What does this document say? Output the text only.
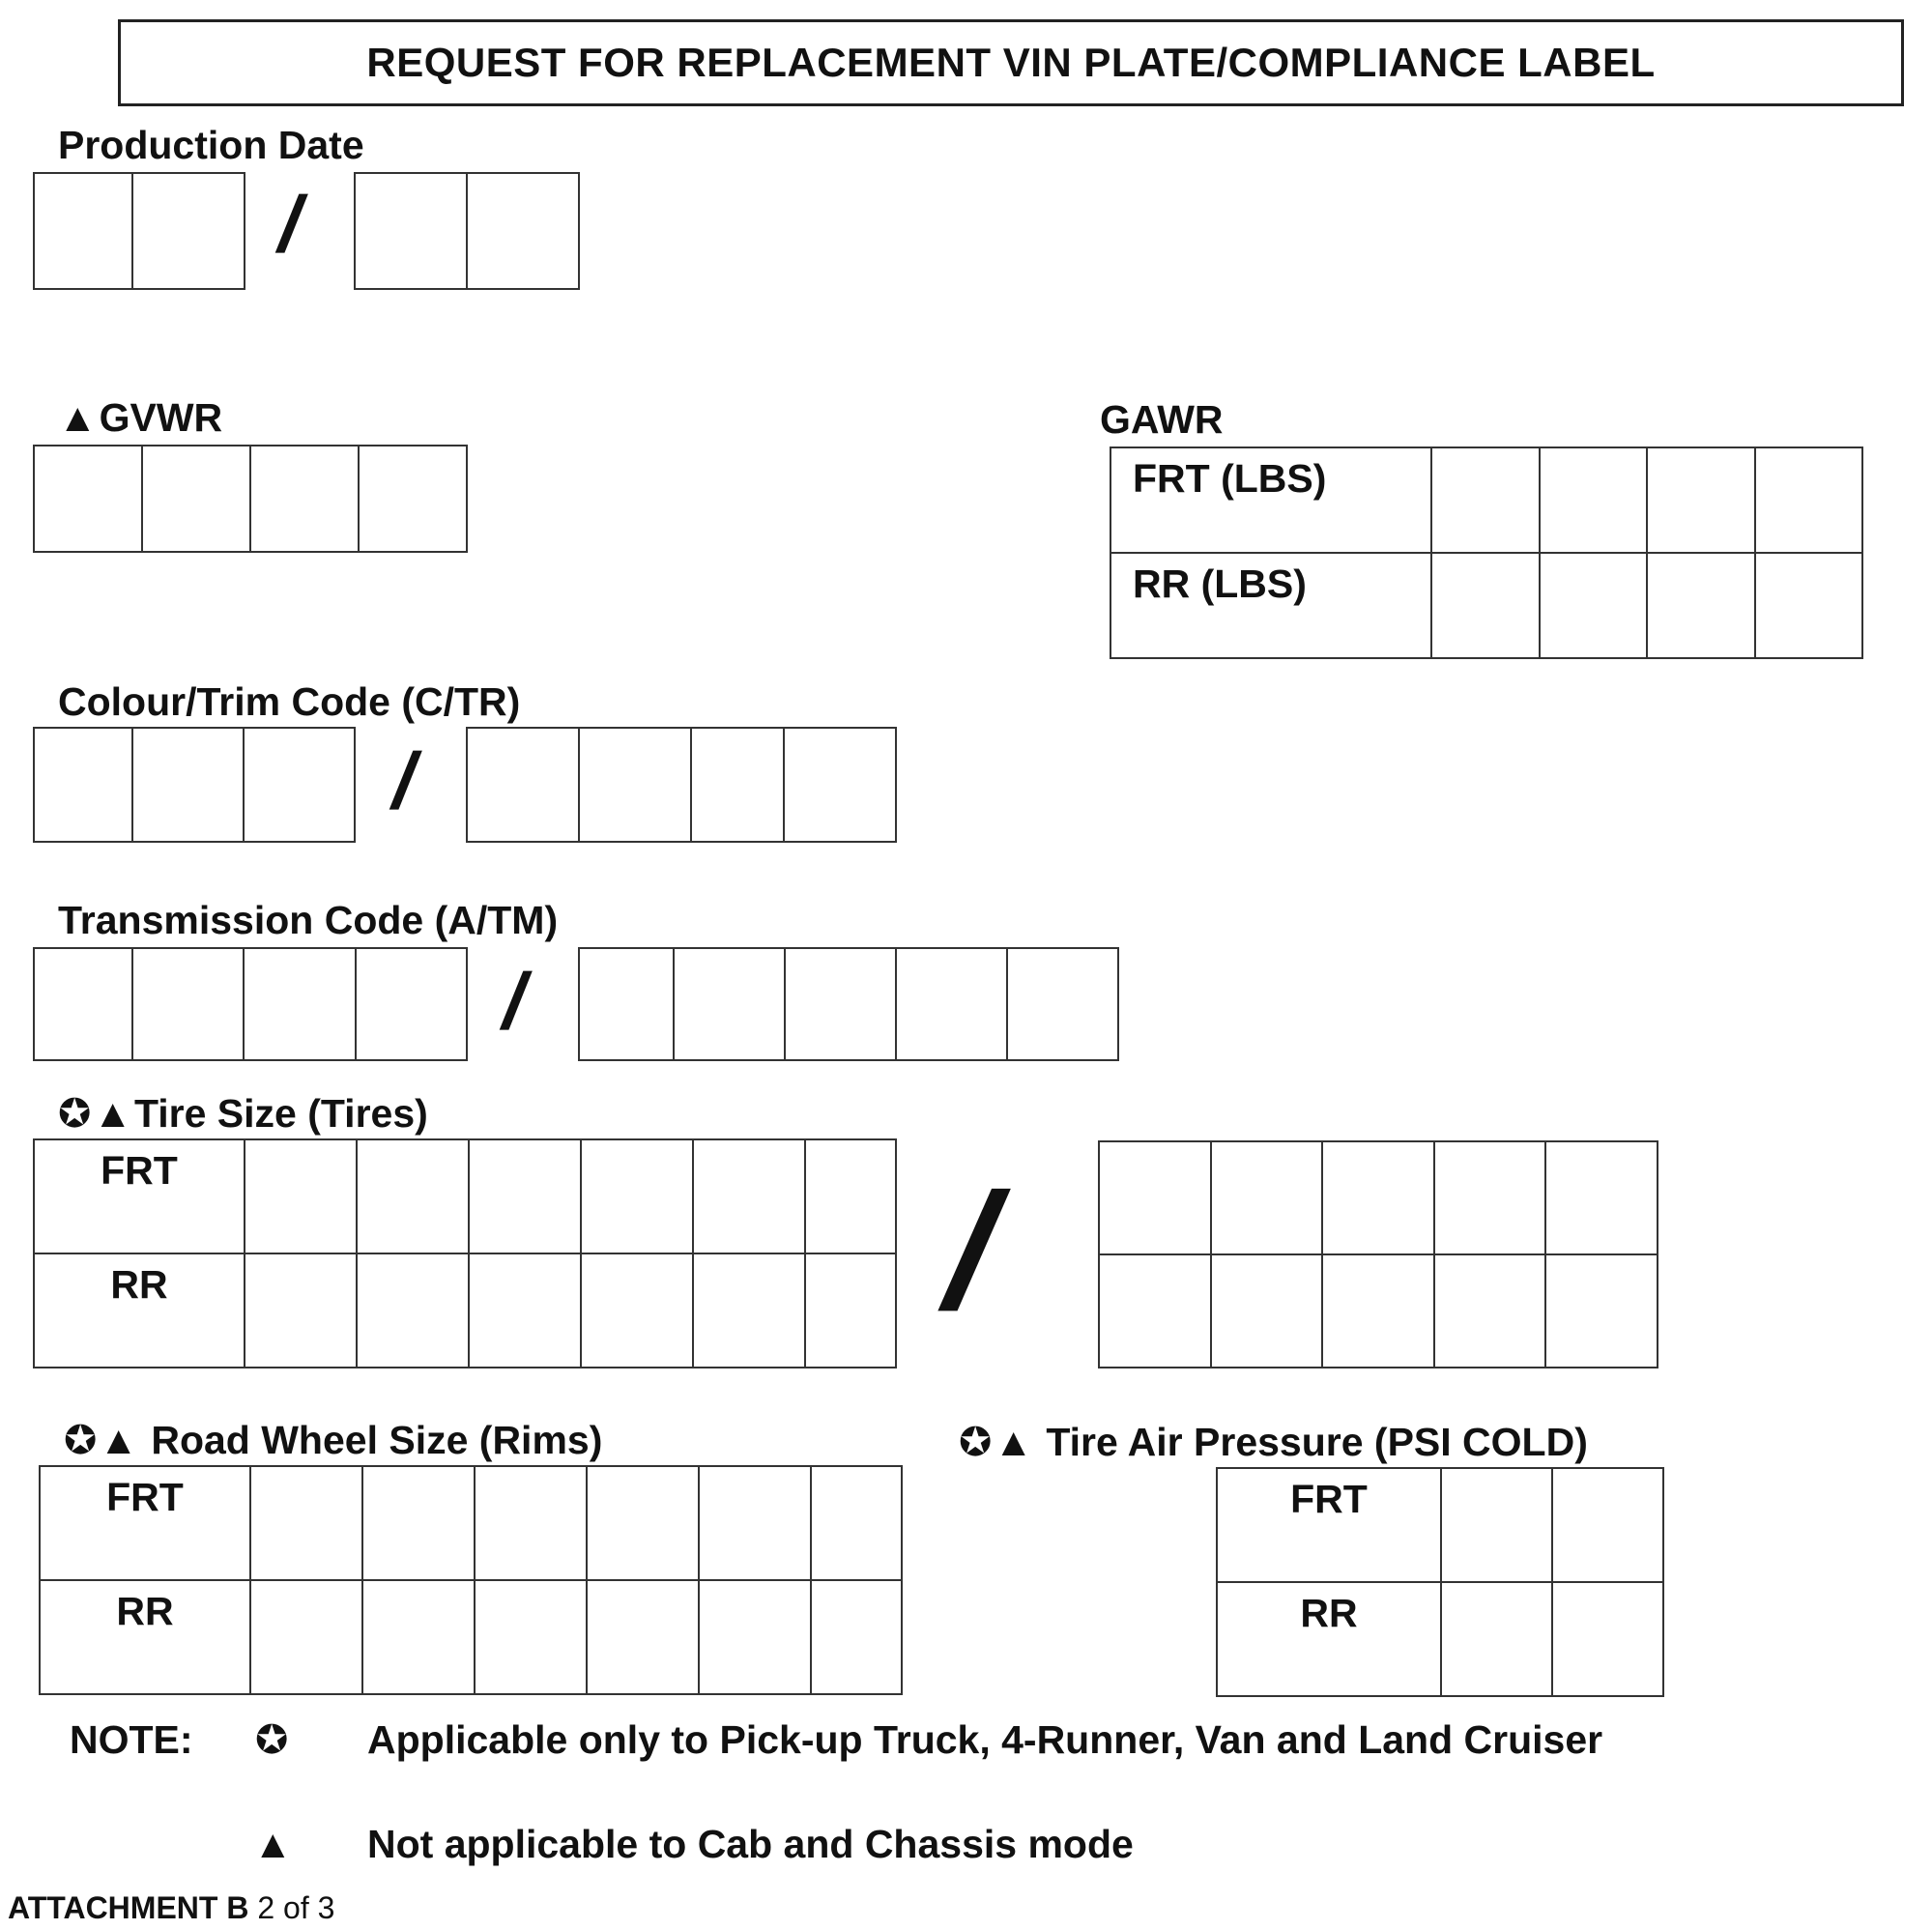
REQUEST FOR REPLACEMENT VIN PLATE/COMPLIANCE LABEL
Production Date
/
▲GVWR	GAWR
FRT (LBS)
RR (LBS)
Colour/Trim Code (C/TR)
/
Transmission Code (A/TM)
/
✪▲Tire Size (Tires)
FRT
RR	/
✪▲ Road Wheel Size (Rims)
FRT
RR
✪▲ Tire Air Pressure (PSI COLD)
FRT
RR
NOTE: ✪ Applicable only to Pick-up Truck, 4-Runner, Van and Land Cruiser
▲ Not applicable to Cab and Chassis mode
ATTACHMENT B 2 of 3
